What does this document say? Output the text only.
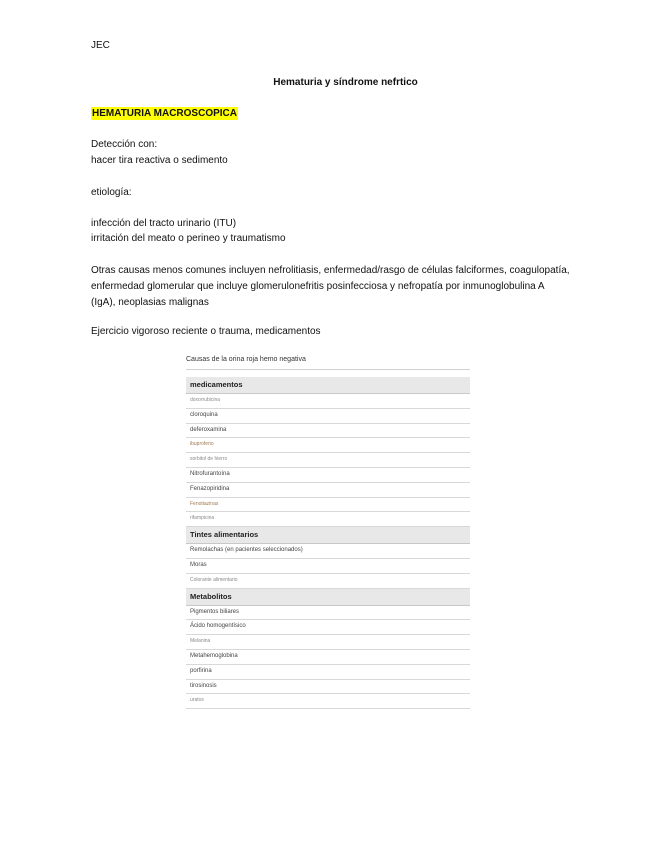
JEC
Hematuria y síndrome nefrtico
HEMATURIA MACROSCOPICA
Detección con:
hacer tira reactiva o sedimento
etiología:
infección del tracto urinario (ITU)
irritación del meato o perineo y traumatismo
Otras causas menos comunes incluyen nefrolitiasis, enfermedad/rasgo de células falciformes, coagulopatía, enfermedad glomerular que incluye glomerulonefritis posinfecciosa y nefropatía por inmunoglobulina A (IgA), neoplasias malignas
Ejercicio vigoroso reciente o trauma, medicamentos
Causas de la orina roja hemo negativa
medicamentos
doxorrubicina
cloroquina
deferoxamina
ibuprofeno
sorbitol de hierro
Nitrofurantoína
Fenazopiridina
Fenotiazinas
rifampicina
Tintes alimentarios
Remolachas (en pacientes seleccionados)
Moras
Colorante alimentario
Metabolitos
Pigmentos biliares
Ácido homogentísico
Melanina
Metahemoglobina
porfirina
tirosinosis
uratos
